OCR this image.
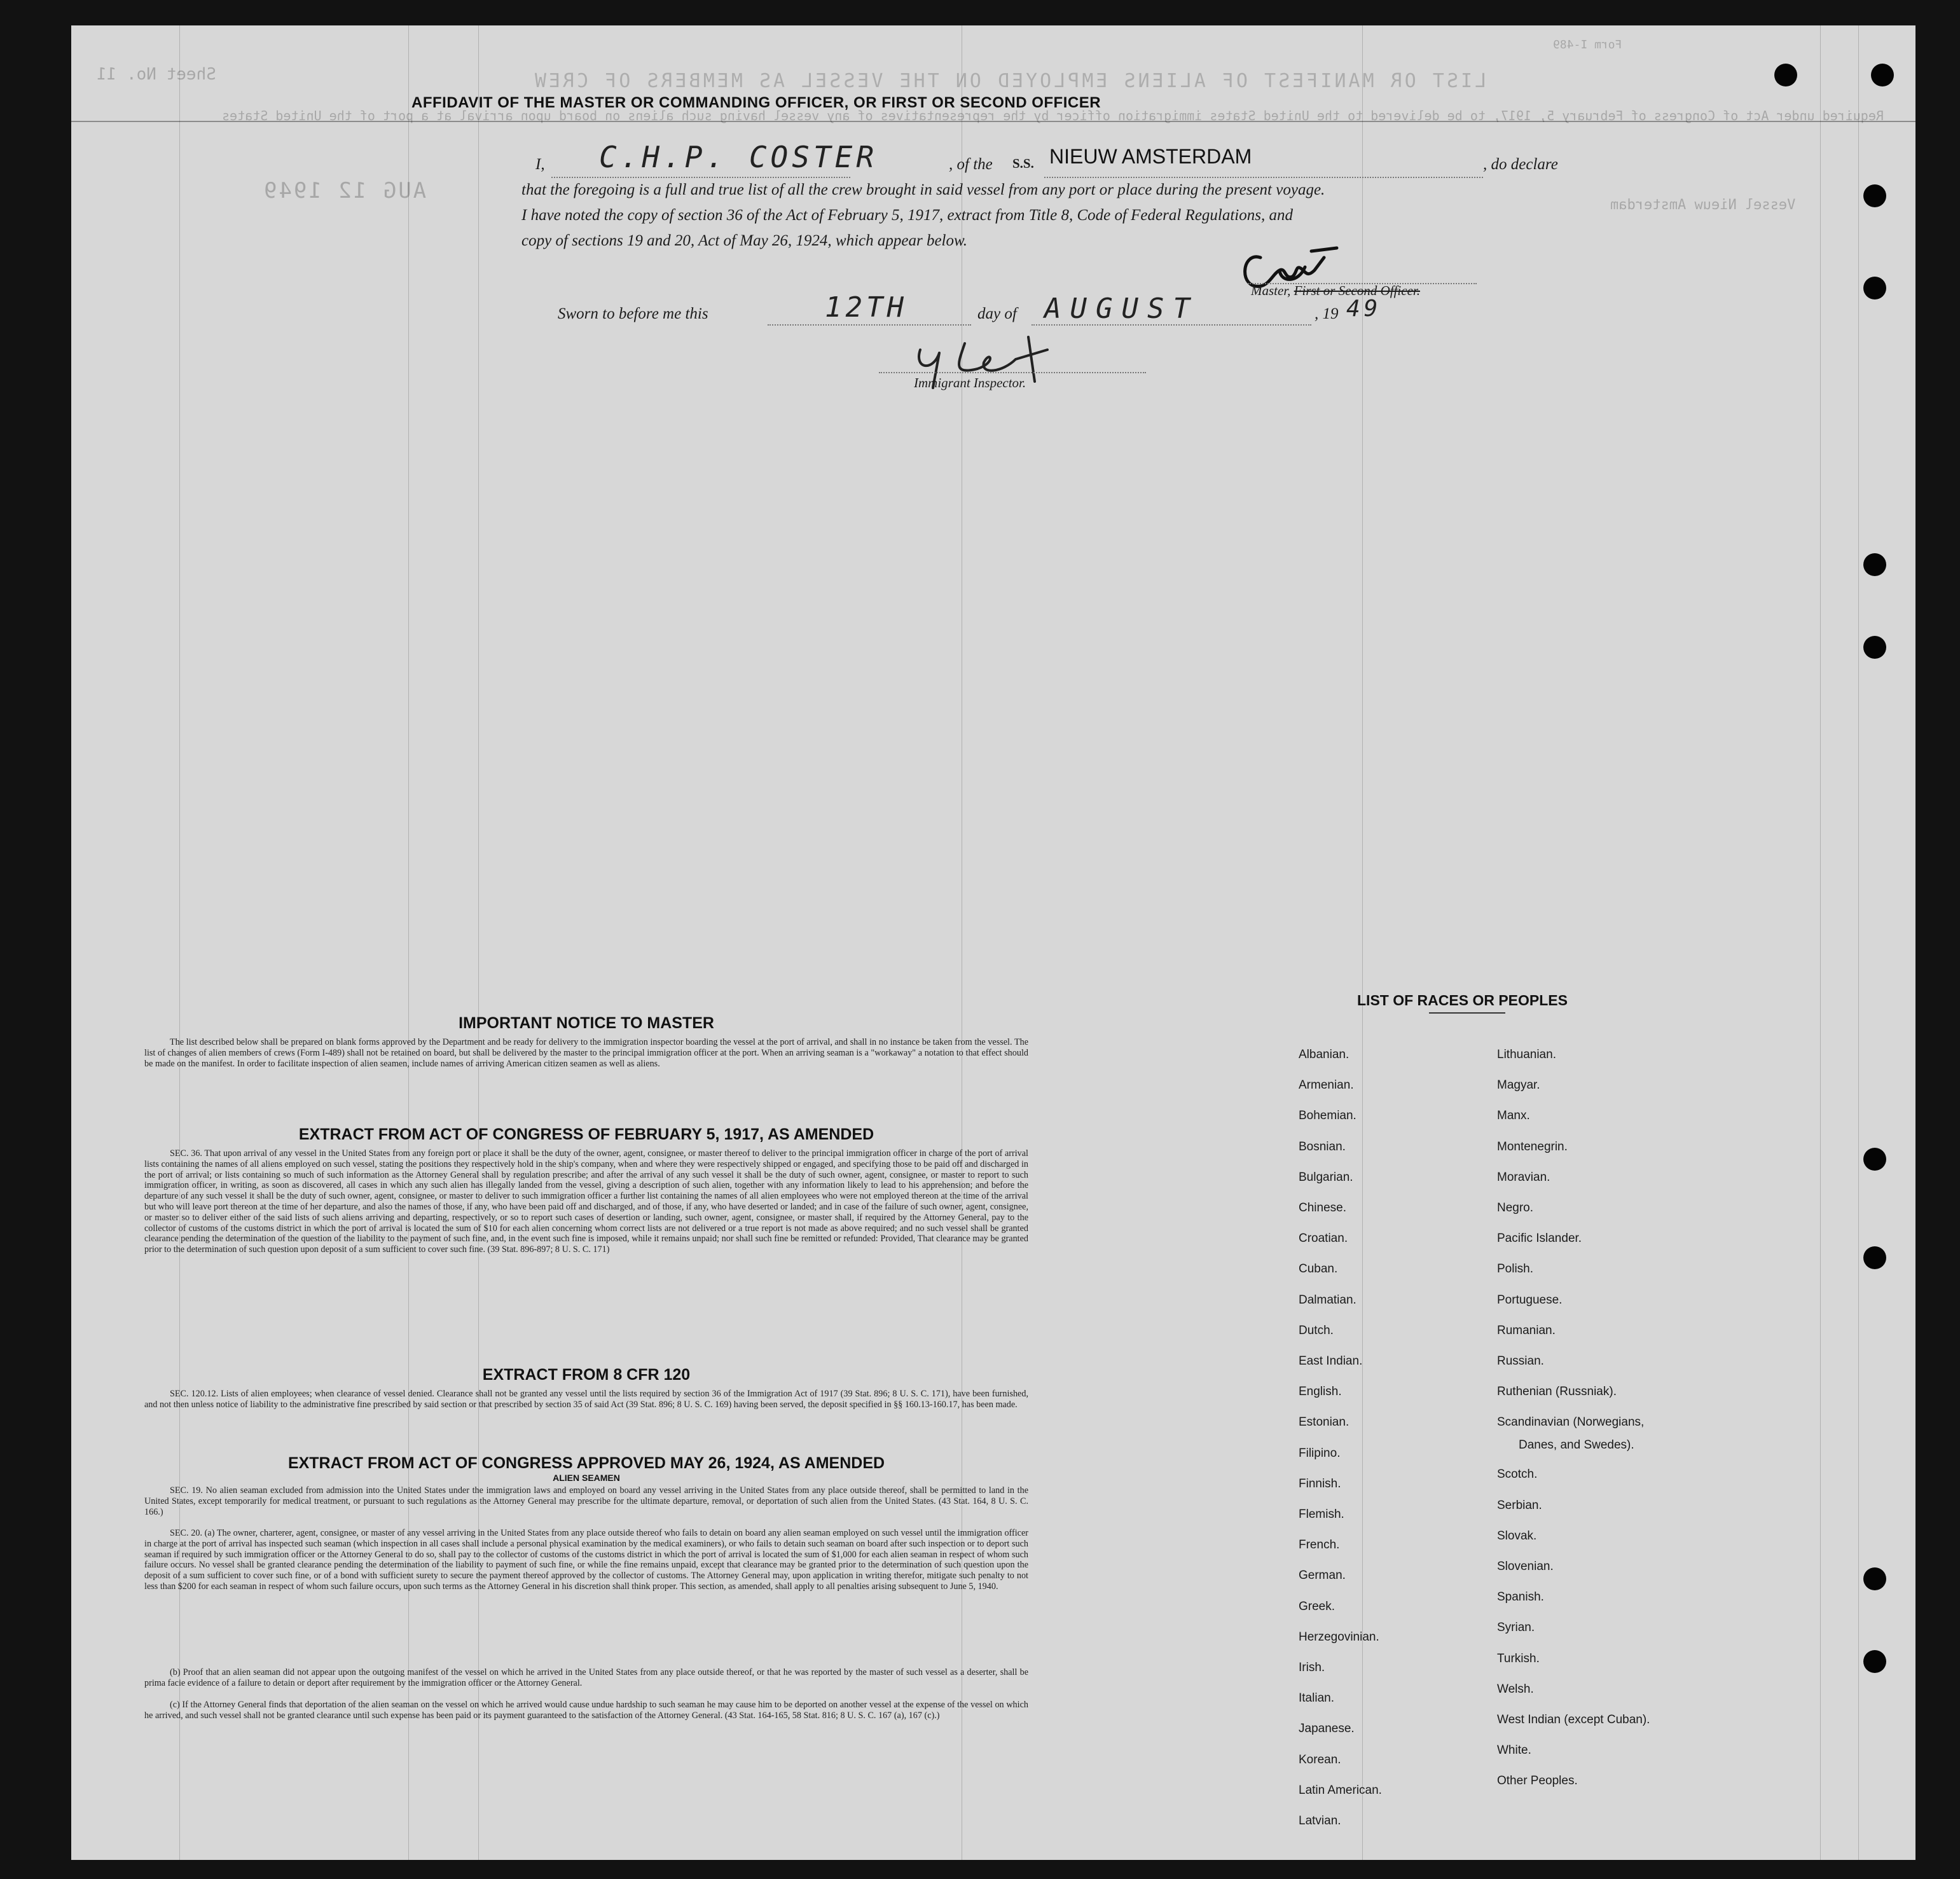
LIST OR MANIFEST OF ALIENS EMPLOYED ON THE VESSEL AS MEMBERS OF CREW
Sheet No. 11
Form I-489
Required under Act of Congress of February 5, 1917, to be delivered to the United States immigration officer by the representatives of any vessel having such aliens on board upon arrival at a port of the United States
Vessel Nieuw Amsterdam
AUG 12 1949
AFFIDAVIT OF THE MASTER OR COMMANDING OFFICER, OR FIRST OR SECOND OFFICER
I, C.H.P. COSTER	, of the S.S. NIEUW AMSTERDAM	, do declare
that the foregoing is a full and true list of all the crew brought in said vessel from any port or place during the present voyage.
I have noted the copy of section 36 of the Act of February 5, 1917, extract from Title 8, Code of Federal Regulations, and
copy of sections 19 and 20, Act of May 26, 1924, which appear below.
Master, First or Second Officer.
Sworn to before me this	12TH	day of AUGUST	, 19 49
Immigrant Inspector.
IMPORTANT NOTICE TO MASTER
The list described below shall be prepared on blank forms approved by the Department and be ready for delivery to the immigration inspector boarding the vessel at the port of arrival, and shall in no instance be taken from the vessel. The list of changes of alien members of crews (Form I-489) shall not be retained on board, but shall be delivered by the master to the principal immigration officer at the port. When an arriving seaman is a "workaway" a notation to that effect should be made on the manifest. In order to facilitate inspection of alien seamen, include names of arriving American citizen seamen as well as aliens.
EXTRACT FROM ACT OF CONGRESS OF FEBRUARY 5, 1917, AS AMENDED
SEC. 36. That upon arrival of any vessel in the United States from any foreign port or place it shall be the duty of the owner, agent, consignee, or master thereof to deliver to the principal immigration officer in charge of the port of arrival lists containing the names of all aliens employed on such vessel, stating the positions they respectively hold in the ship's company, when and where they were respectively shipped or engaged, and specifying those to be paid off and discharged in the port of arrival; or lists containing so much of such information as the Attorney General shall by regulation prescribe; and after the arrival of any such vessel it shall be the duty of such owner, agent, consignee, or master to report to such immigration officer, in writing, as soon as discovered, all cases in which any such alien has illegally landed from the vessel, giving a description of such alien, together with any information likely to lead to his apprehension; and before the departure of any such vessel it shall be the duty of such owner, agent, consignee, or master to deliver to such immigration officer a further list containing the names of all alien employees who were not employed thereon at the time of the arrival but who will leave port thereon at the time of her departure, and also the names of those, if any, who have been paid off and discharged, and of those, if any, who have deserted or landed; and in case of the failure of such owner, agent, consignee, or master so to deliver either of the said lists of such aliens arriving and departing, respectively, or so to report such cases of desertion or landing, such owner, agent, consignee, or master shall, if required by the Attorney General, pay to the collector of customs of the customs district in which the port of arrival is located the sum of $10 for each alien concerning whom correct lists are not delivered or a true report is not made as above required; and no such vessel shall be granted clearance pending the determination of the question of the liability to the payment of such fine, and, in the event such fine is imposed, while it remains unpaid; nor shall such fine be remitted or refunded: Provided, That clearance may be granted prior to the determination of such question upon deposit of a sum sufficient to cover such fine. (39 Stat. 896-897; 8 U. S. C. 171)
EXTRACT FROM 8 CFR 120
SEC. 120.12. Lists of alien employees; when clearance of vessel denied. Clearance shall not be granted any vessel until the lists required by section 36 of the Immigration Act of 1917 (39 Stat. 896; 8 U. S. C. 171), have been furnished, and not then unless notice of liability to the administrative fine prescribed by said section or that prescribed by section 35 of said Act (39 Stat. 896; 8 U. S. C. 169) having been served, the deposit specified in §§ 160.13-160.17, has been made.
EXTRACT FROM ACT OF CONGRESS APPROVED MAY 26, 1924, AS AMENDED
ALIEN SEAMEN
SEC. 19. No alien seaman excluded from admission into the United States under the immigration laws and employed on board any vessel arriving in the United States from any place outside thereof, shall be permitted to land in the United States, except temporarily for medical treatment, or pursuant to such regulations as the Attorney General may prescribe for the ultimate departure, removal, or deportation of such alien from the United States. (43 Stat. 164, 8 U. S. C. 166.)
SEC. 20. (a) The owner, charterer, agent, consignee, or master of any vessel arriving in the United States from any place outside thereof who fails to detain on board any alien seaman employed on such vessel until the immigration officer in charge at the port of arrival has inspected such seaman (which inspection in all cases shall include a personal physical examination by the medical examiners), or who fails to detain such seaman on board after such inspection or to deport such seaman if required by such immigration officer or the Attorney General to do so, shall pay to the collector of customs of the customs district in which the port of arrival is located the sum of $1,000 for each alien seaman in respect of whom such failure occurs. No vessel shall be granted clearance pending the determination of the liability to payment of such fine, or while the fine remains unpaid, except that clearance may be granted prior to the determination of such question upon the deposit of a sum sufficient to cover such fine, or of a bond with sufficient surety to secure the payment thereof approved by the collector of customs. The Attorney General may, upon application in writing therefor, mitigate such penalty to not less than $200 for each seaman in respect of whom such failure occurs, upon such terms as the Attorney General in his discretion shall think proper. This section, as amended, shall apply to all penalties arising subsequent to June 5, 1940.
(b) Proof that an alien seaman did not appear upon the outgoing manifest of the vessel on which he arrived in the United States from any place outside thereof, or that he was reported by the master of such vessel as a deserter, shall be prima facie evidence of a failure to detain or deport after requirement by the immigration officer or the Attorney General.
(c) If the Attorney General finds that deportation of the alien seaman on the vessel on which he arrived would cause undue hardship to such seaman he may cause him to be deported on another vessel at the expense of the vessel on which he arrived, and such vessel shall not be granted clearance until such expense has been paid or its payment guaranteed to the satisfaction of the Attorney General. (43 Stat. 164-165, 58 Stat. 816; 8 U. S. C. 167 (a), 167 (c).)
LIST OF RACES OR PEOPLES
Albanian.
Armenian.
Bohemian.
Bosnian.
Bulgarian.
Chinese.
Croatian.
Cuban.
Dalmatian.
Dutch.
East Indian.
English.
Estonian.
Filipino.
Finnish.
Flemish.
French.
German.
Greek.
Herzegovinian.
Irish.
Italian.
Japanese.
Korean.
Latin American.
Latvian.
Lithuanian.
Magyar.
Manx.
Montenegrin.
Moravian.
Negro.
Pacific Islander.
Polish.
Portuguese.
Rumanian.
Russian.
Ruthenian (Russniak).
Scandinavian (Norwegians,
Danes, and Swedes).
Scotch.
Serbian.
Slovak.
Slovenian.
Spanish.
Syrian.
Turkish.
Welsh.
West Indian (except Cuban).
White.
Other Peoples.
